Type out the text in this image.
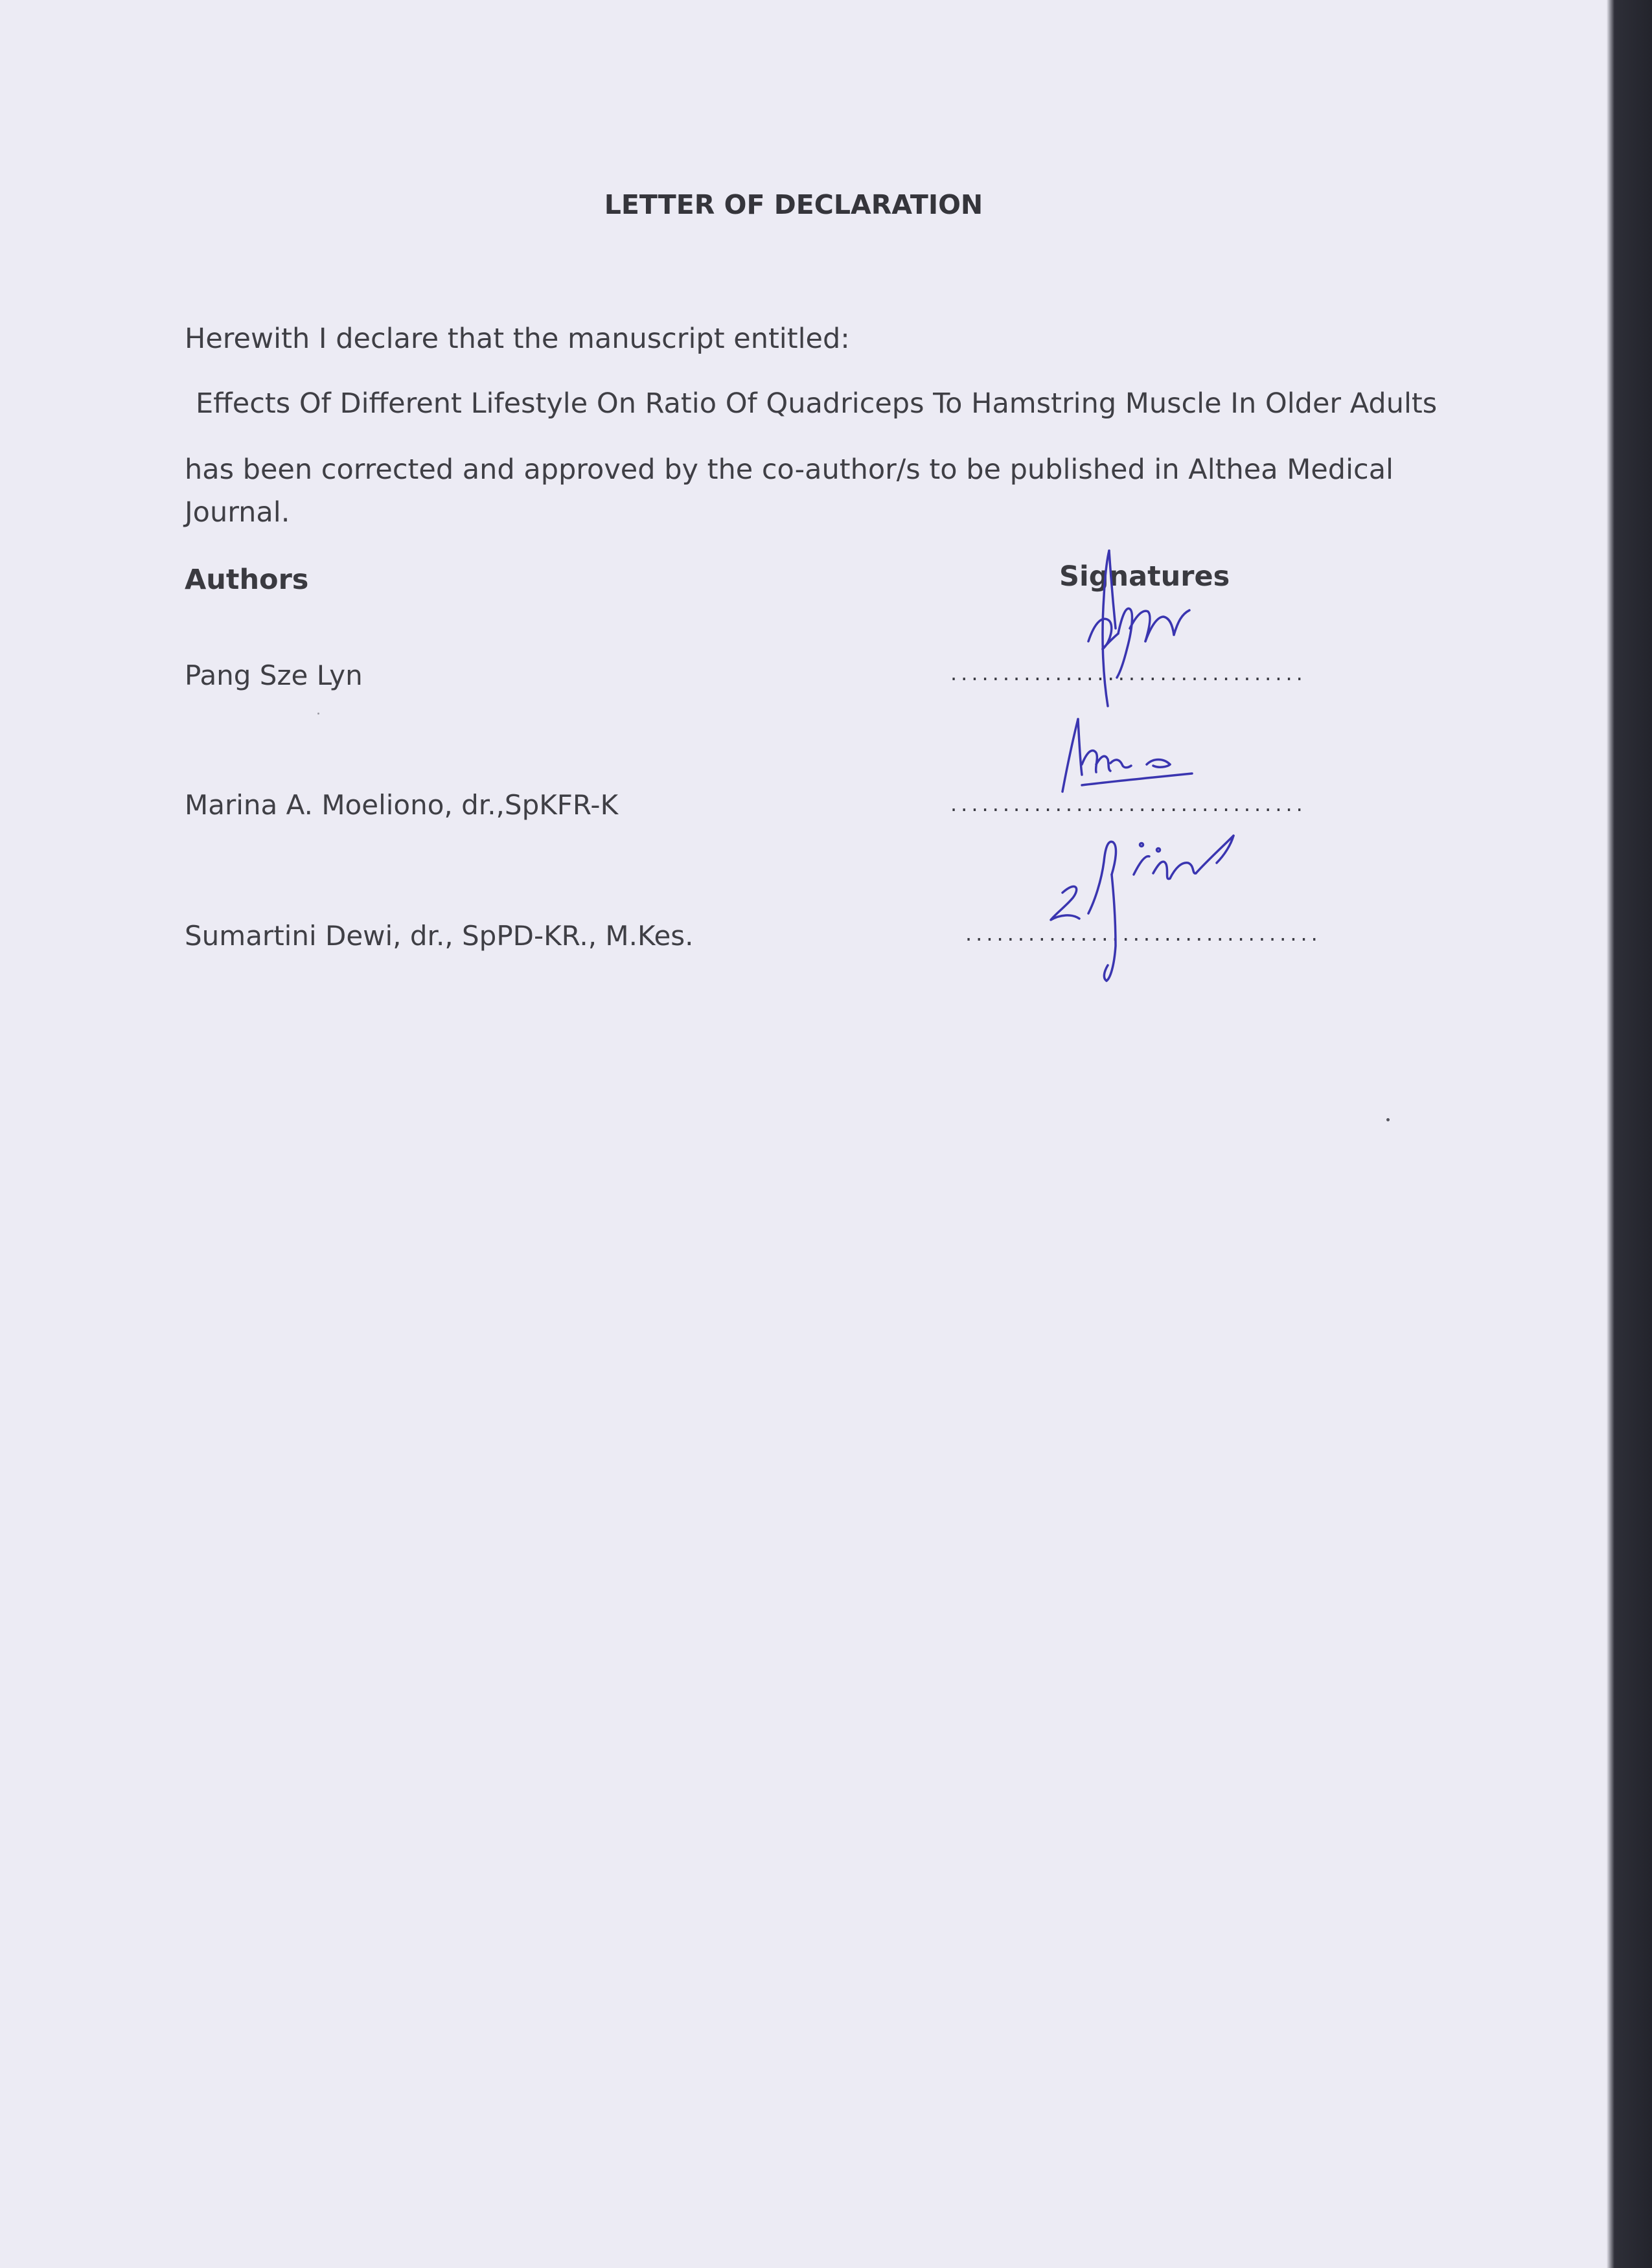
LETTER OF DECLARATION

Herewith I declare that the manuscript entitled:

Effects Of Different Lifestyle On Ratio Of Quadriceps To Hamstring Muscle In Older Adults

has been corrected and approved by the co-author/s to be published in Althea Medical

Journal.

Authors	Signatures

Pang Sze Lyn	..................................

Marina A. Moeliono, dr.,SpKFR-K	..................................

Sumartini Dewi, dr., SpPD-KR., M.Kes.	..................................
